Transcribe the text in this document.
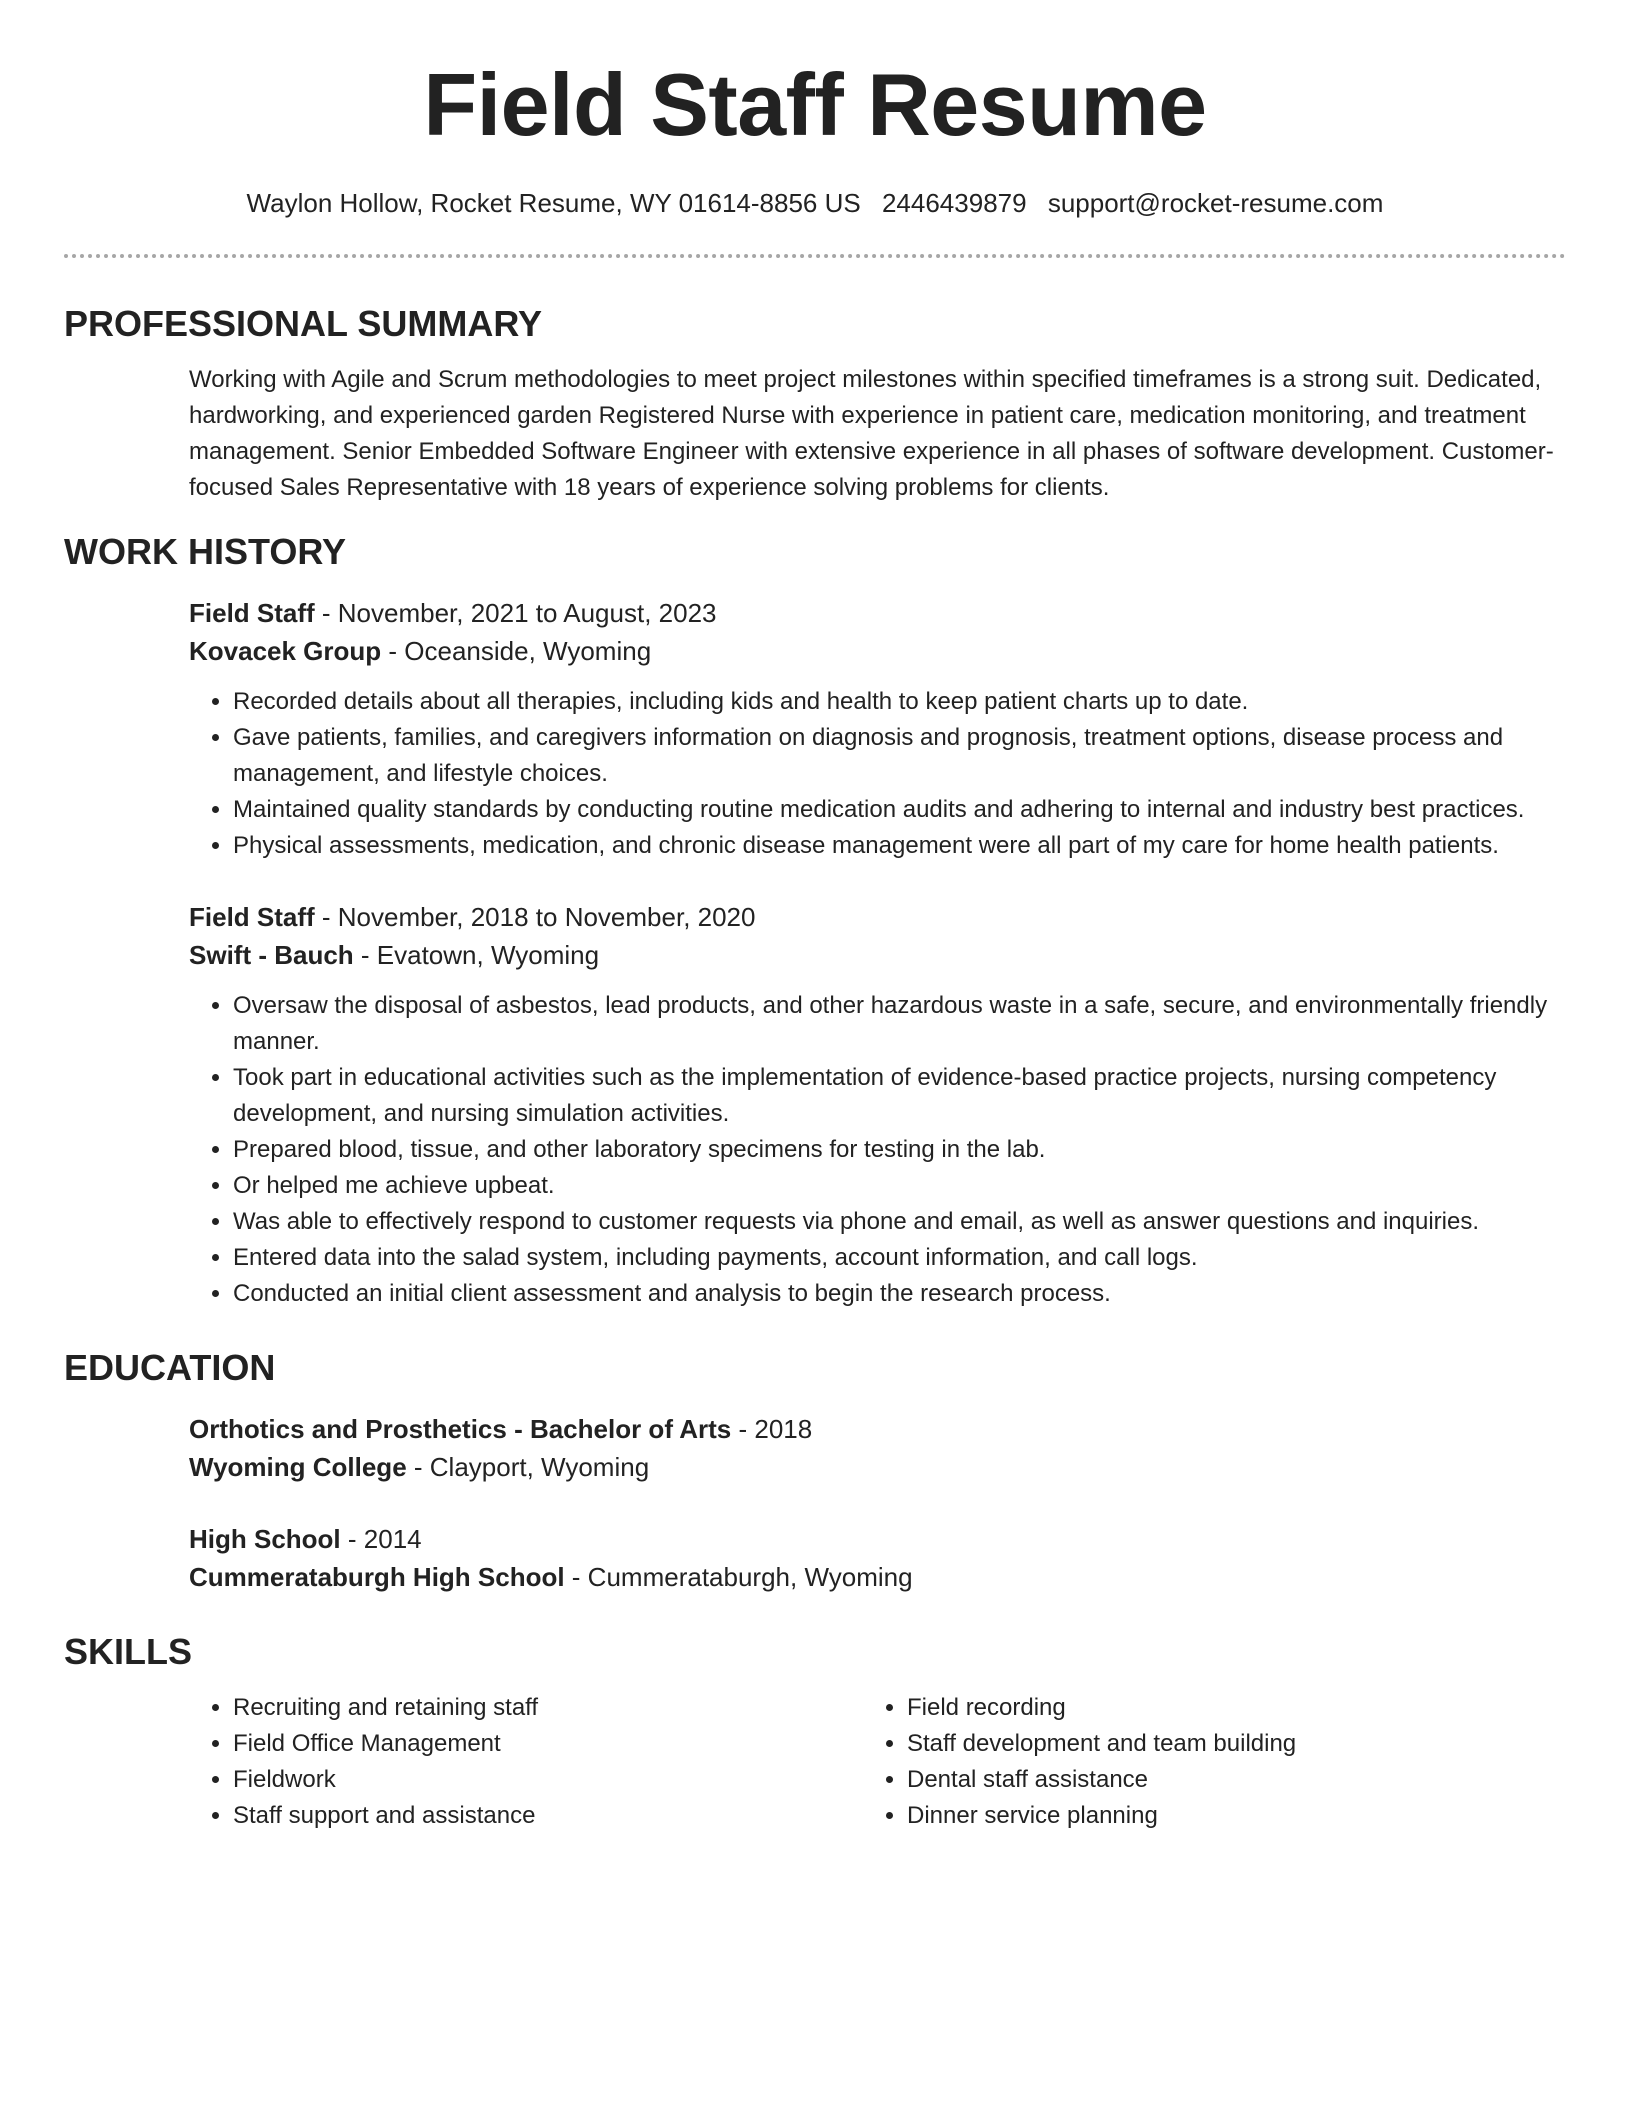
Field Staff Resume
Waylon Hollow, Rocket Resume, WY 01614-8856 US 2446439879 support@rocket-resume.com
PROFESSIONAL SUMMARY
Working with Agile and Scrum methodologies to meet project milestones within specified timeframes is a strong suit. Dedicated, hardworking, and experienced garden Registered Nurse with experience in patient care, medication monitoring, and treatment management. Senior Embedded Software Engineer with extensive experience in all phases of software development. Customer-focused Sales Representative with 18 years of experience solving problems for clients.
WORK HISTORY
Field Staff - November, 2021 to August, 2023
Kovacek Group - Oceanside, Wyoming
• Recorded details about all therapies, including kids and health to keep patient charts up to date.
• Gave patients, families, and caregivers information on diagnosis and prognosis, treatment options, disease process and management, and lifestyle choices.
• Maintained quality standards by conducting routine medication audits and adhering to internal and industry best practices.
• Physical assessments, medication, and chronic disease management were all part of my care for home health patients.
Field Staff - November, 2018 to November, 2020
Swift - Bauch - Evatown, Wyoming
• Oversaw the disposal of asbestos, lead products, and other hazardous waste in a safe, secure, and environmentally friendly manner.
• Took part in educational activities such as the implementation of evidence-based practice projects, nursing competency development, and nursing simulation activities.
• Prepared blood, tissue, and other laboratory specimens for testing in the lab.
• Or helped me achieve upbeat.
• Was able to effectively respond to customer requests via phone and email, as well as answer questions and inquiries.
• Entered data into the salad system, including payments, account information, and call logs.
• Conducted an initial client assessment and analysis to begin the research process.
EDUCATION
Orthotics and Prosthetics - Bachelor of Arts - 2018
Wyoming College - Clayport, Wyoming
High School - 2014
Cummerataburgh High School - Cummerataburgh, Wyoming
SKILLS
• Recruiting and retaining staff
• Field Office Management
• Fieldwork
• Staff support and assistance
• Field recording
• Staff development and team building
• Dental staff assistance
• Dinner service planning
